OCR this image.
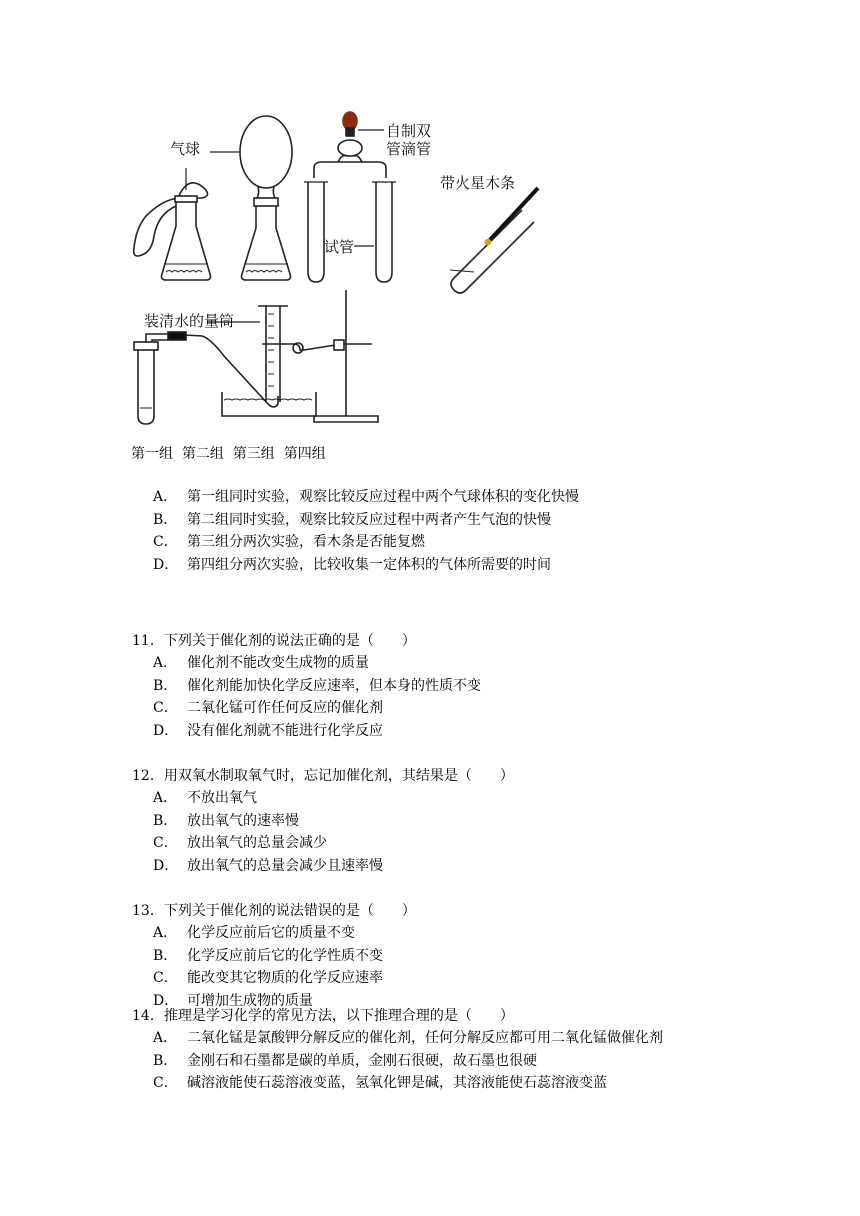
气球
自制双
管滴管
试管
带火星木条
装清水的量筒
第一组  第二组  第三组  第四组
A． 第一组同时实验，观察比较反应过程中两个气球体积的变化快慢
B． 第二组同时实验，观察比较反应过程中两者产生气泡的快慢
C． 第三组分两次实验，看木条是否能复燃
D． 第四组分两次实验，比较收集一定体积的气体所需要的时间
11．下列关于催化剂的说法正确的是（　　）
A． 催化剂不能改变生成物的质量
B． 催化剂能加快化学反应速率，但本身的性质不变
C． 二氧化锰可作任何反应的催化剂
D． 没有催化剂就不能进行化学反应
12．用双氧水制取氧气时，忘记加催化剂，其结果是（　　）
A． 不放出氧气
B． 放出氧气的速率慢
C． 放出氧气的总量会减少
D． 放出氧气的总量会减少且速率慢
13．下列关于催化剂的说法错误的是（　　）
A． 化学反应前后它的质量不变
B． 化学反应前后它的化学性质不变
C． 能改变其它物质的化学反应速率
D． 可增加生成物的质量
14．推理是学习化学的常见方法，以下推理合理的是（　　）
A． 二氧化锰是氯酸钾分解反应的催化剂，任何分解反应都可用二氧化锰做催化剂
B． 金刚石和石墨都是碳的单质，金刚石很硬，故石墨也很硬
C． 碱溶液能使石蕊溶液变蓝，氢氧化钾是碱，其溶液能使石蕊溶液变蓝
